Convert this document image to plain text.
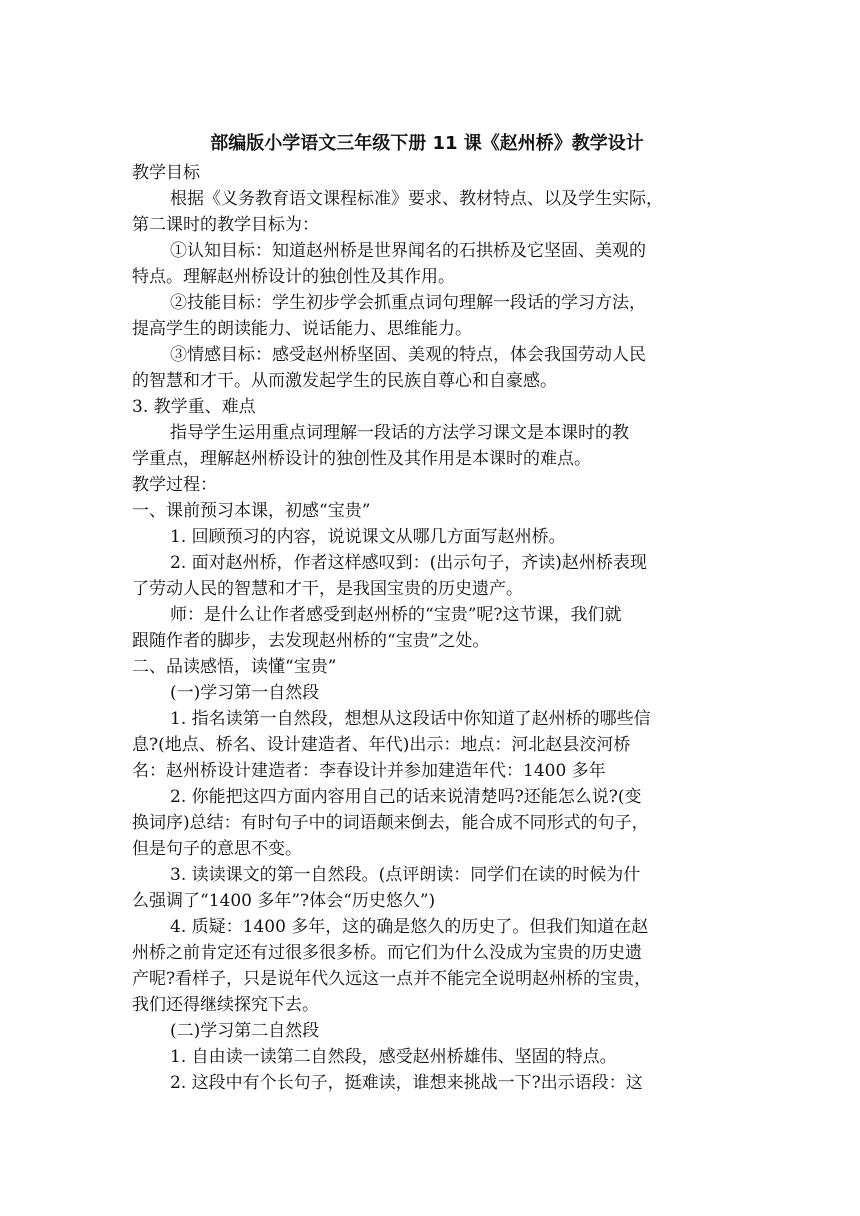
部编版小学语文三年级下册 11 课《赵州桥》教学设计
教学目标
根据《义务教育语文课程标准》要求、教材特点、以及学生实际，
第二课时的教学目标为：
①认知目标：知道赵州桥是世界闻名的石拱桥及它坚固、美观的
特点。理解赵州桥设计的独创性及其作用。
②技能目标：学生初步学会抓重点词句理解一段话的学习方法，
提高学生的朗读能力、说话能力、思维能力。
③情感目标：感受赵州桥坚固、美观的特点，体会我国劳动人民
的智慧和才干。从而激发起学生的民族自尊心和自豪感。
3. 教学重、难点
指导学生运用重点词理解一段话的方法学习课文是本课时的教
学重点，理解赵州桥设计的独创性及其作用是本课时的难点。
教学过程：
一、课前预习本课，初感“宝贵”
1. 回顾预习的内容，说说课文从哪几方面写赵州桥。
2. 面对赵州桥，作者这样感叹到：(出示句子，齐读)赵州桥表现
了劳动人民的智慧和才干，是我国宝贵的历史遗产。
师：是什么让作者感受到赵州桥的“宝贵”呢?这节课，我们就
跟随作者的脚步，去发现赵州桥的“宝贵”之处。
二、品读感悟，读懂“宝贵”
(一)学习第一自然段
1. 指名读第一自然段，想想从这段话中你知道了赵州桥的哪些信
息?(地点、桥名、设计建造者、年代)出示：地点：河北赵县洨河桥
名：赵州桥设计建造者：李春设计并参加建造年代：1400 多年
2. 你能把这四方面内容用自己的话来说清楚吗?还能怎么说?(变
换词序)总结：有时句子中的词语颠来倒去，能合成不同形式的句子，
但是句子的意思不变。
3. 读读课文的第一自然段。(点评朗读：同学们在读的时候为什
么强调了“1400 多年”?体会“历史悠久”)
4. 质疑：1400 多年，这的确是悠久的历史了。但我们知道在赵
州桥之前肯定还有过很多很多桥。而它们为什么没成为宝贵的历史遗
产呢?看样子，只是说年代久远这一点并不能完全说明赵州桥的宝贵，
我们还得继续探究下去。
(二)学习第二自然段
1. 自由读一读第二自然段，感受赵州桥雄伟、坚固的特点。
2. 这段中有个长句子，挺难读，谁想来挑战一下?出示语段：这
